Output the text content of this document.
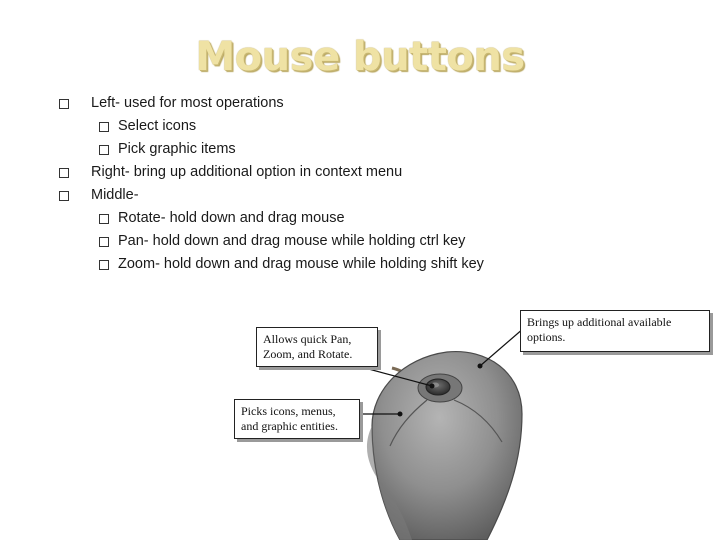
Mouse buttons
Left- used for most operations
Select icons
Pick graphic items
Right- bring up additional option in context menu
Middle-
Rotate- hold down and drag mouse
Pan- hold down and drag mouse while holding ctrl key
Zoom- hold down and drag mouse while holding shift key
Allows quick Pan,
Zoom, and Rotate.
Picks icons, menus,
and graphic entities.
Brings up additional available
options.
